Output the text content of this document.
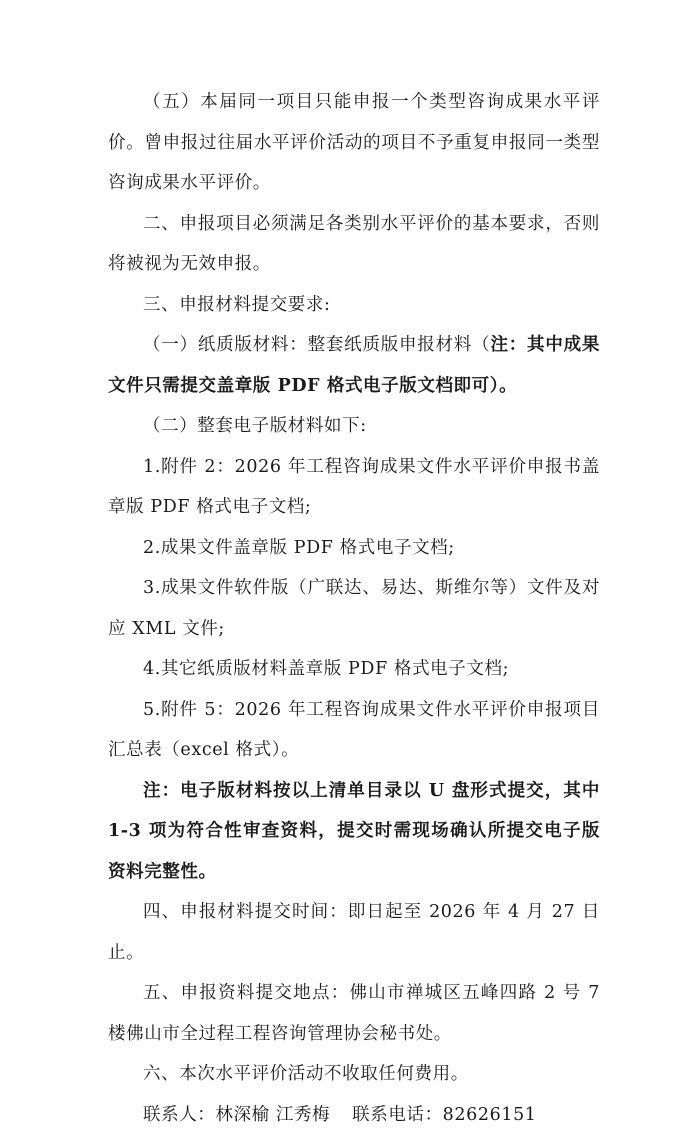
（五）本届同一项目只能申报一个类型咨询成果水平评价。曾申报过往届水平评价活动的项目不予重复申报同一类型咨询成果水平评价。

二、申报项目必须满足各类别水平评价的基本要求，否则将被视为无效申报。

三、申报材料提交要求:

（一）纸质版材料：整套纸质版申报材料（注：其中成果文件只需提交盖章版 PDF 格式电子版文档即可）。

（二）整套电子版材料如下:

1.附件 2：2026 年工程咨询成果文件水平评价申报书盖章版 PDF 格式电子文档;

2.成果文件盖章版 PDF 格式电子文档;

3.成果文件软件版（广联达、易达、斯维尔等）文件及对应 XML 文件;

4.其它纸质版材料盖章版 PDF 格式电子文档;

5.附件 5：2026 年工程咨询成果文件水平评价申报项目汇总表（excel 格式）。

注：电子版材料按以上清单目录以 U 盘形式提交，其中 1-3 项为符合性审查资料，提交时需现场确认所提交电子版资料完整性。

四、申报材料提交时间：即日起至 2026 年 4 月 27 日止。

五、申报资料提交地点：佛山市禅城区五峰四路 2 号 7 楼佛山市全过程工程咨询管理协会秘书处。

六、本次水平评价活动不收取任何费用。

联系人：林深榆 江秀梅 联系电话：82626151
